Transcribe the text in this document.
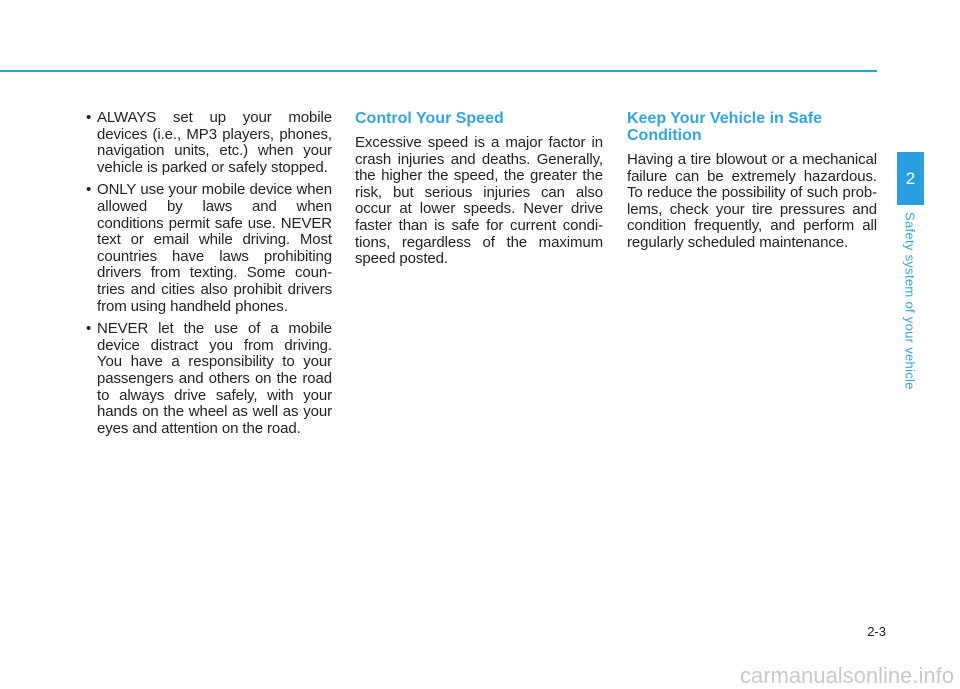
• ALWAYS set up your mobile devices (i.e., MP3 players, phones, navigation units, etc.) when your vehicle is parked or safely stopped.
• ONLY use your mobile device when allowed by laws and when conditions permit safe use. NEVER text or email while driving. Most countries have laws prohibiting drivers from texting. Some coun-tries and cities also prohibit drivers from using handheld phones.
• NEVER let the use of a mobile device distract you from driving. You have a responsibility to your passengers and others on the road to always drive safely, with your hands on the wheel as well as your eyes and attention on the road.
Control Your Speed

Excessive speed is a major factor in crash injuries and deaths. Generally, the higher the speed, the greater the risk, but serious injuries can also occur at lower speeds. Never drive faster than is safe for current condi-tions, regardless of the maximum speed posted.

Keep Your Vehicle in Safe Condition

Having a tire blowout or a mechanical failure can be extremely hazardous. To reduce the possibility of such prob-lems, check your tire pressures and condition frequently, and perform all regularly scheduled maintenance.

2
Safety system of your vehicle
2-3
carmanualsonline.info
